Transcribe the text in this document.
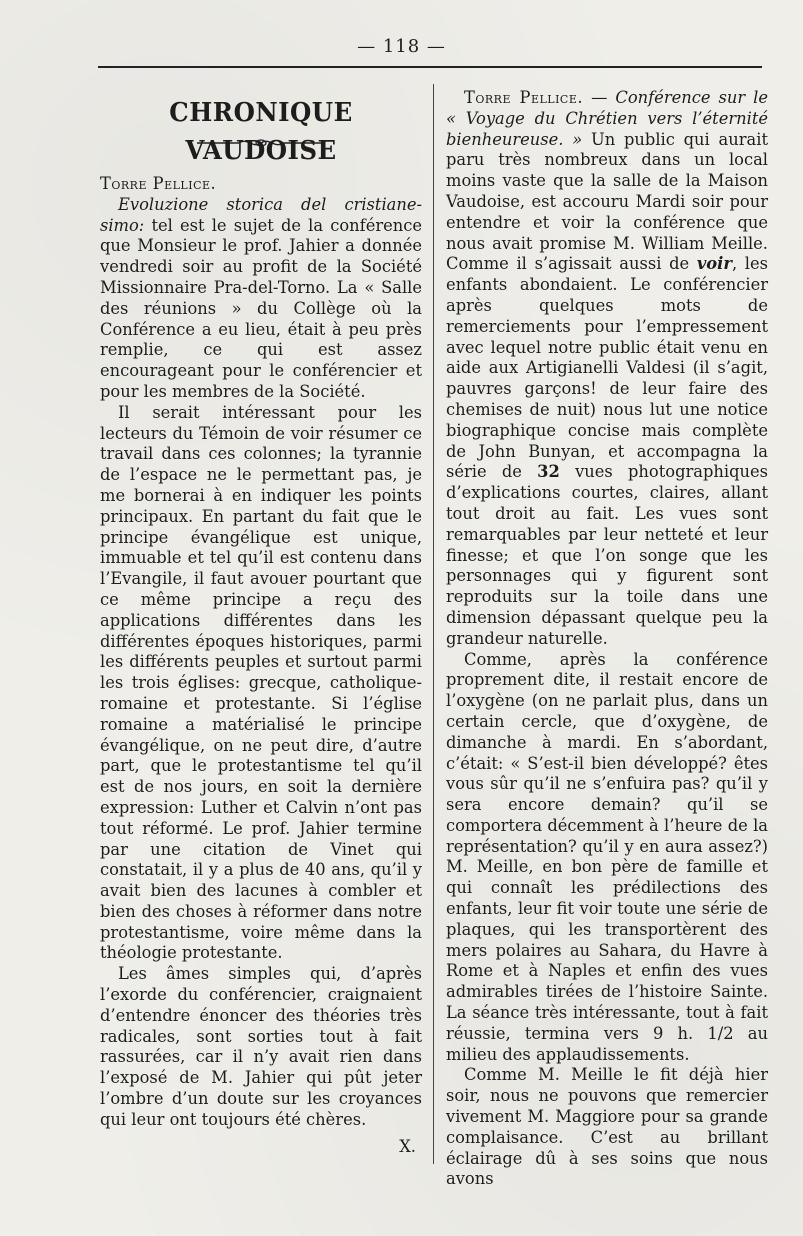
— 118 —
CHRONIQUE VAUDOISE

Torre Pellice.

Evoluzione storica del cristiane- simo: tel est le sujet de la conférence que Monsieur le prof. Jahier a donnée vendredi soir au profit de la Société Missionnaire Pra-del-Torno. La « Salle des réunions » du Collège où la Conférence a eu lieu, était à peu près remplie, ce qui est assez encourageant pour le conférencier et pour les membres de la Société.

Il serait intéressant pour les lecteurs du Témoin de voir résumer ce travail dans ces colonnes; la tyrannie de l’espace ne le permettant pas, je me bornerai à en indiquer les points principaux. En partant du fait que le principe évangélique est unique, immuable et tel qu’il est contenu dans l’Evangile, il faut avouer pourtant que ce même principe a reçu des applications différentes dans les différentes époques historiques, parmi les différents peuples et surtout parmi les trois églises: grecque, catholique-romaine et protestante. Si l’église romaine a matérialisé le principe évangélique, on ne peut dire, d’autre part, que le protestantisme tel qu’il est de nos jours, en soit la dernière expression: Luther et Calvin n’ont pas tout réformé. Le prof. Jahier termine par une citation de Vinet qui constatait, il y a plus de 40 ans, qu’il y avait bien des lacunes à combler et bien des choses à réformer dans notre protestantisme, voire même dans la théologie protestante.

Les âmes simples qui, d’après l’exorde du conférencier, craignaient d’entendre énoncer des théories très radicales, sont sorties tout à fait rassurées, car il n’y avait rien dans l’exposé de M. Jahier qui pût jeter l’ombre d’un doute sur les croyances qui leur ont toujours été chères.

X.

Torre Pellice. — Conférence sur le « Voyage du Chrétien vers l’éternité bienheureuse. » Un public qui aurait paru très nombreux dans un local moins vaste que la salle de la Maison Vaudoise, est accouru Mardi soir pour entendre et voir la conférence que nous avait promise M. William Meille. Comme il s’agissait aussi de voir, les enfants abondaient. Le conférencier après quelques mots de remerciements pour l’empressement avec lequel notre public était venu en aide aux Artigianelli Valdesi (il s’agit, pauvres garçons! de leur faire des chemises de nuit) nous lut une notice biographique concise mais complète de John Bunyan, et accompagna la série de 32 vues photographiques d’explications courtes, claires, allant tout droit au fait. Les vues sont remarquables par leur netteté et leur finesse; et que l’on songe que les personnages qui y figurent sont reproduits sur la toile dans une dimension dépassant quelque peu la grandeur naturelle.

Comme, après la conférence proprement dite, il restait encore de l’oxygène (on ne parlait plus, dans un certain cercle, que d’oxygène, de dimanche à mardi. En s’abordant, c’était: « S’est-il bien développé? êtes vous sûr qu’il ne s’enfuira pas? qu’il y sera encore demain? qu’il se comportera décemment à l’heure de la représentation? qu’il y en aura assez?) M. Meille, en bon père de famille et qui connaît les prédilections des enfants, leur fit voir toute une série de plaques, qui les transportèrent des mers polaires au Sahara, du Havre à Rome et à Naples et enfin des vues admirables tirées de l’histoire Sainte. La séance très intéressante, tout à fait réussie, termina vers 9 h. 1/2 au milieu des applaudissements.

Comme M. Meille le fit déjà hier soir, nous ne pouvons que remercier vivement M. Maggiore pour sa grande complaisance. C’est au brillant éclairage dû à ses soins que nous avons
